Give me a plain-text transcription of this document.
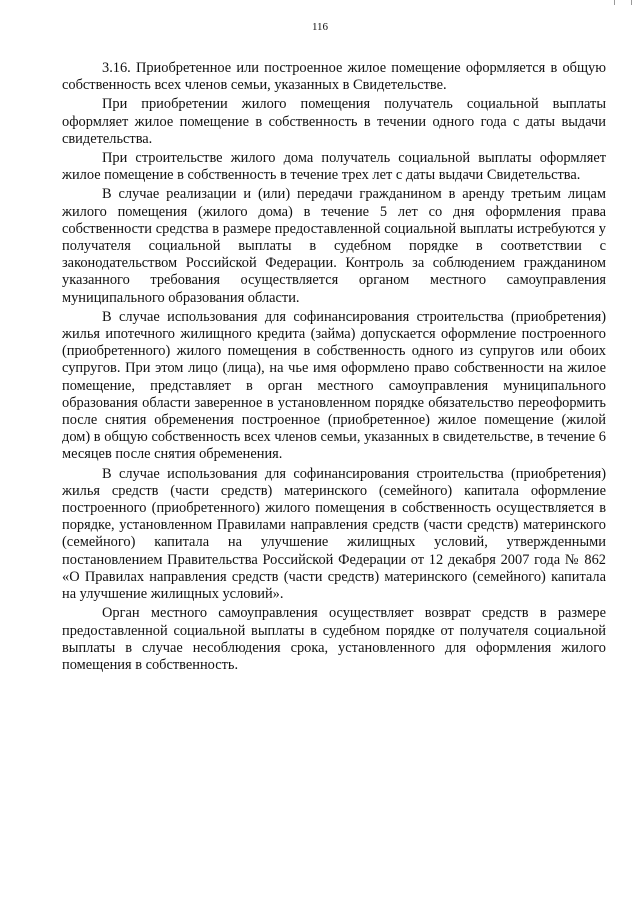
116

3.16. Приобретенное или построенное жилое помещение оформляется в общую собственность всех членов семьи, указанных в Свидетельстве.

При приобретении жилого помещения получатель социальной выплаты оформляет жилое помещение в собственность в течении одного года с даты выдачи свидетельства.

При строительстве жилого дома получатель социальной выплаты оформляет жилое помещение в собственность в течение трех лет с даты выдачи Свидетельства.

В случае реализации и (или) передачи гражданином в аренду третьим лицам жилого помещения (жилого дома) в течение 5 лет со дня оформления права собственности средства в размере предоставленной социальной выплаты истребуются у получателя социальной выплаты в судебном порядке в соответствии с законодательством Российской Федерации. Контроль за соблюдением гражданином указанного требования осуществляется органом местного самоуправления муниципального образования области.

В случае использования для софинансирования строительства (приобретения) жилья ипотечного жилищного кредита (займа) допускается оформление построенного (приобретенного) жилого помещения в собственность одного из супругов или обоих супругов. При этом лицо (лица), на чье имя оформлено право собственности на жилое помещение, представляет в орган местного самоуправления муниципального образования области заверенное в установленном порядке обязательство переоформить после снятия обременения построенное (приобретенное) жилое помещение (жилой дом) в общую собственность всех членов семьи, указанных в свидетельстве, в течение 6 месяцев после снятия обременения.

В случае использования для софинансирования строительства (приобретения) жилья средств (части средств) материнского (семейного) капитала оформление построенного (приобретенного) жилого помещения в собственность осуществляется в порядке, установленном Правилами направления средств (части средств) материнского (семейного) капитала на улучшение жилищных условий, утвержденными постановлением Правительства Российской Федерации от 12 декабря 2007 года № 862 «О Правилах направления средств (части средств) материнского (семейного) капитала на улучшение жилищных условий».

Орган местного самоуправления осуществляет возврат средств в размере предоставленной социальной выплаты в судебном порядке от получателя социальной выплаты в случае несоблюдения срока, установленного для оформления жилого помещения в собственность.
